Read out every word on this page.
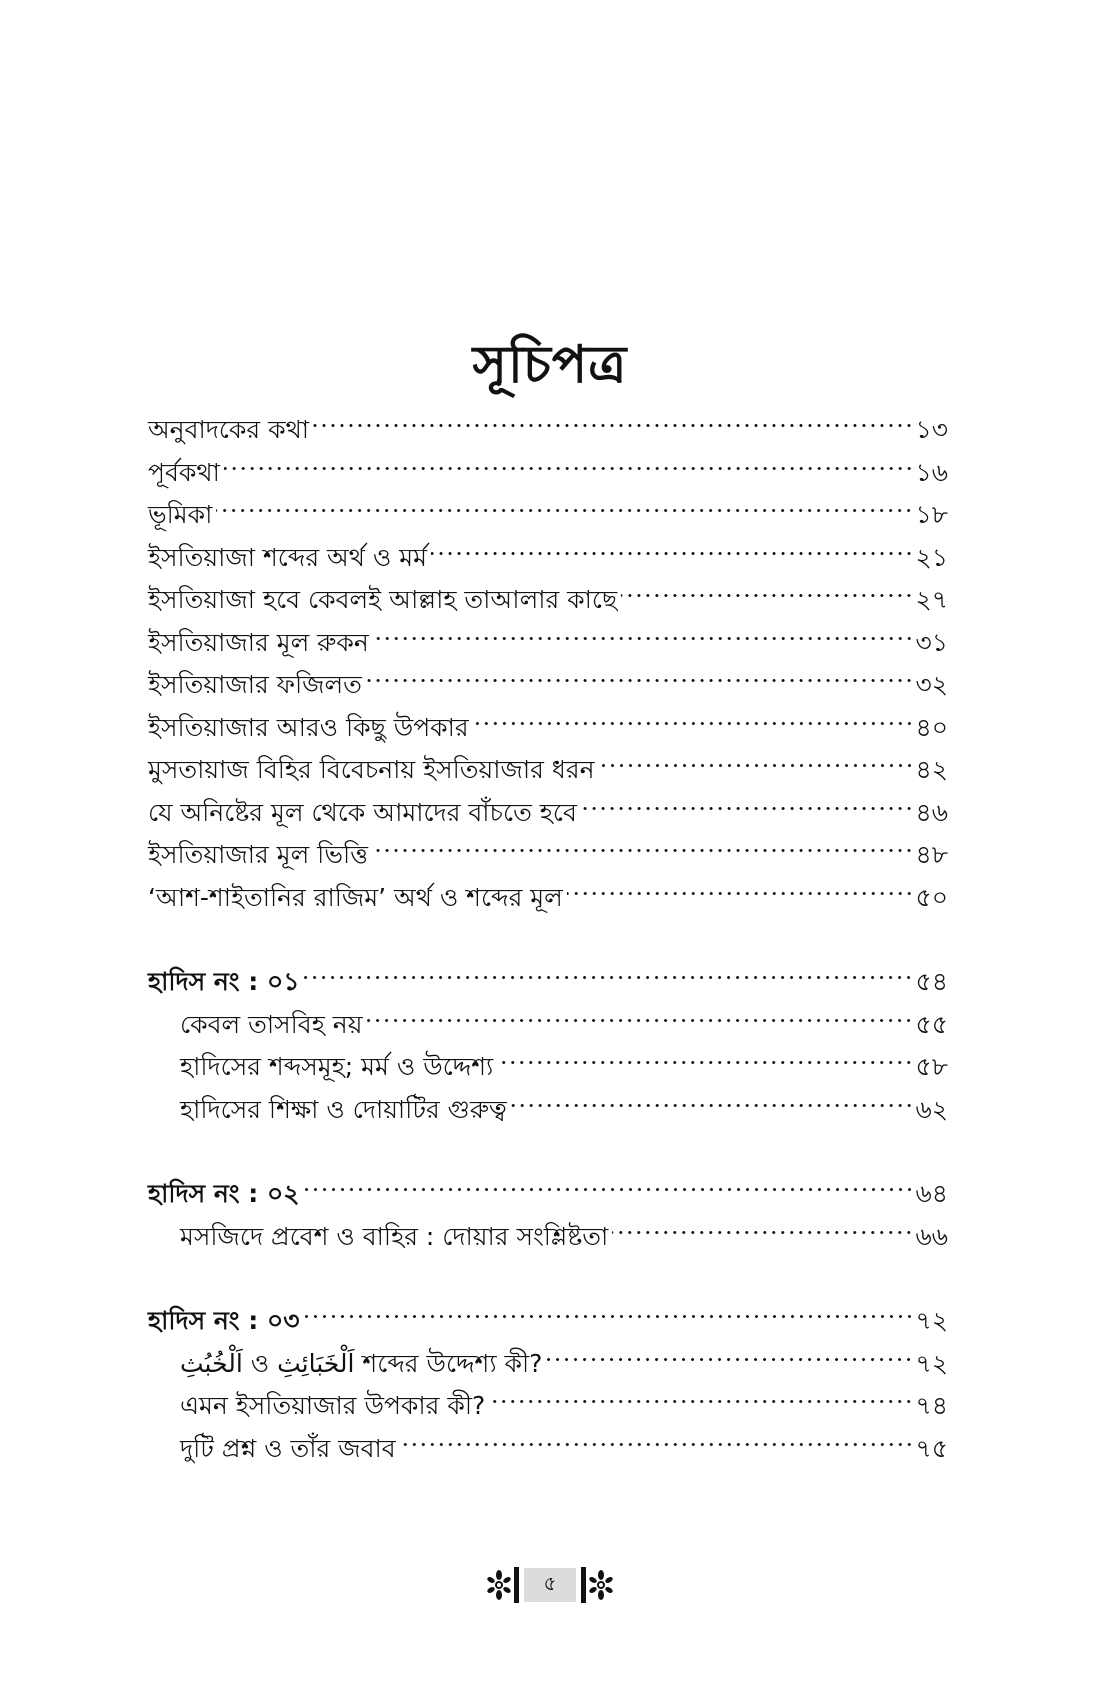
সূচিপত্র
অনুবাদকের কথা	১৩
পূর্বকথা	১৬
ভূমিকা	১৮
ইসতিয়াজা শব্দের অর্থ ও মর্ম	২১
ইসতিয়াজা হবে কেবলই আল্লাহ তাআলার কাছে	২৭
ইসতিয়াজার মূল রুকন	৩১
ইসতিয়াজার ফজিলত	৩২
ইসতিয়াজার আরও কিছু উপকার	৪০
মুসতায়াজ বিহির বিবেচনায় ইসতিয়াজার ধরন	৪২
যে অনিষ্টের মূল থেকে আমাদের বাঁচতে হবে	৪৬
ইসতিয়াজার মূল ভিত্তি	৪৮
‘আশ-শাইতানির রাজিম’ অর্থ ও শব্দের মূল	৫০
হাদিস নং : ০১	৫৪
কেবল তাসবিহ নয়	৫৫
হাদিসের শব্দসমূহ; মর্ম ও উদ্দেশ্য	৫৮
হাদিসের শিক্ষা ও দোয়াটির গুরুত্ব	৬২
হাদিস নং : ০২	৬৪
মসজিদে প্রবেশ ও বাহির : দোয়ার সংশ্লিষ্টতা	৬৬
হাদিস নং : ০৩	৭২
اَلْخُبُثِ ও اَلْخَبَائِثِ শব্দের উদ্দেশ্য কী?	৭২
এমন ইসতিয়াজার উপকার কী?	৭৪
দুটি প্রশ্ন ও তাঁর জবাব	৭৫
৫
